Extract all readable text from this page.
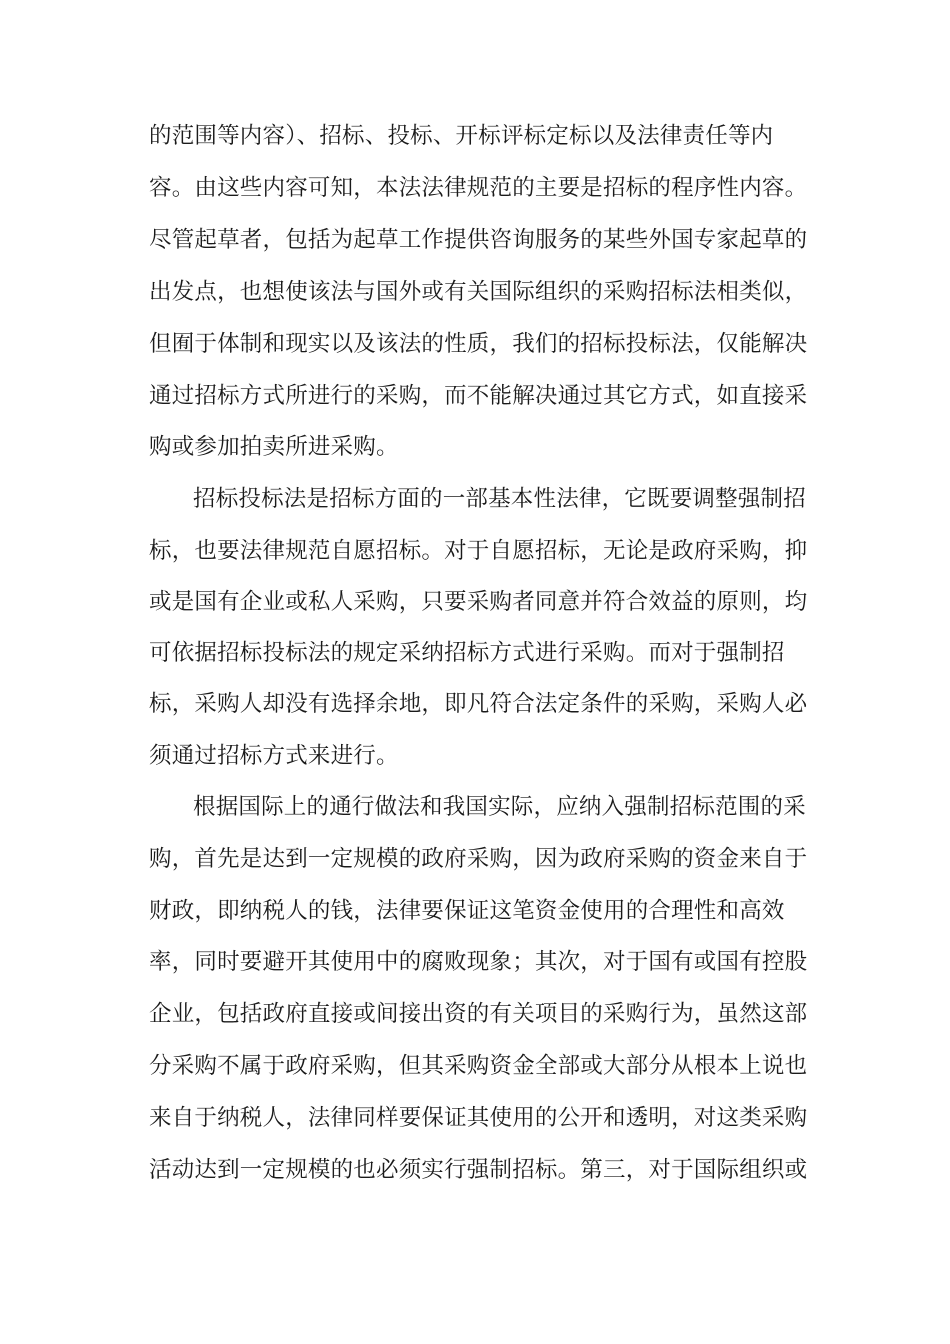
的范围等内容）、招标、投标、开标评标定标以及法律责任等内
容。由这些内容可知，本法法律规范的主要是招标的程序性内容。
尽管起草者，包括为起草工作提供咨询服务的某些外国专家起草的
出发点，也想使该法与国外或有关国际组织的采购招标法相类似，
但囿于体制和现实以及该法的性质，我们的招标投标法，仅能解决
通过招标方式所进行的采购，而不能解决通过其它方式，如直接采
购或参加拍卖所进采购。
招标投标法是招标方面的一部基本性法律，它既要调整强制招
标，也要法律规范自愿招标。对于自愿招标，无论是政府采购，抑
或是国有企业或私人采购，只要采购者同意并符合效益的原则，均
可依据招标投标法的规定采纳招标方式进行采购。而对于强制招
标，采购人却没有选择余地，即凡符合法定条件的采购，采购人必
须通过招标方式来进行。
根据国际上的通行做法和我国实际，应纳入强制招标范围的采
购，首先是达到一定规模的政府采购，因为政府采购的资金来自于
财政，即纳税人的钱，法律要保证这笔资金使用的合理性和高效
率，同时要避开其使用中的腐败现象；其次，对于国有或国有控股
企业，包括政府直接或间接出资的有关项目的采购行为，虽然这部
分采购不属于政府采购，但其采购资金全部或大部分从根本上说也
来自于纳税人，法律同样要保证其使用的公开和透明，对这类采购
活动达到一定规模的也必须实行强制招标。第三，对于国际组织或
